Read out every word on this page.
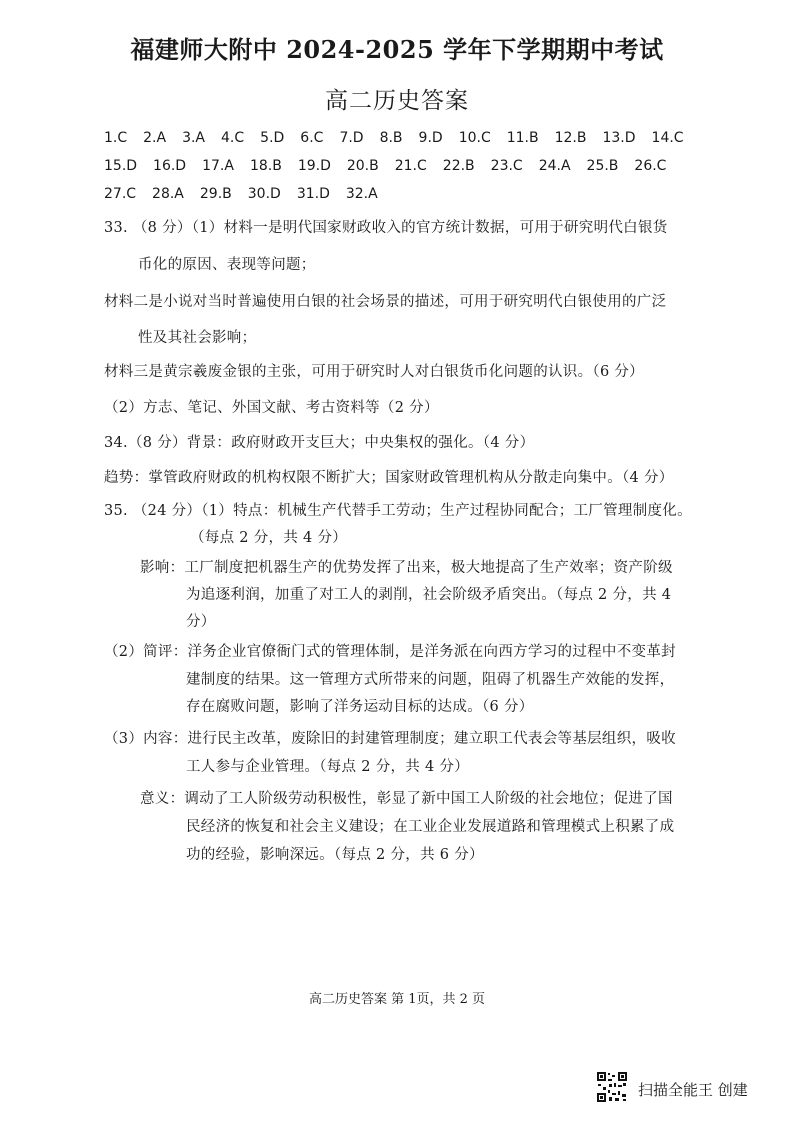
福建师大附中 2024-2025 学年下学期期中考试
高二历史答案
1.C 2.A 3.A 4.C 5.D 6.C 7.D 8.B 9.D 10.C 11.B 12.B 13.D 14.C
15.D 16.D 17.A 18.B 19.D 20.B 21.C 22.B 23.C 24.A 25.B 26.C
27.C 28.A 29.B 30.D 31.D 32.A
33. （8 分）（1）材料一是明代国家财政收入的官方统计数据，可用于研究明代白银货
币化的原因、表现等问题；
材料二是小说对当时普遍使用白银的社会场景的描述，可用于研究明代白银使用的广泛
性及其社会影响；
材料三是黄宗羲废金银的主张，可用于研究时人对白银货币化问题的认识。（6 分）
（2）方志、笔记、外国文献、考古资料等（2 分）
34.（8 分）背景：政府财政开支巨大；中央集权的强化。（4 分）
趋势：掌管政府财政的机构权限不断扩大；国家财政管理机构从分散走向集中。（4 分）
35. （24 分）（1）特点：机械生产代替手工劳动；生产过程协同配合；工厂管理制度化。
（每点 2 分，共 4 分）
影响：工厂制度把机器生产的优势发挥了出来，极大地提高了生产效率；资产阶级
为追逐利润，加重了对工人的剥削，社会阶级矛盾突出。（每点 2 分，共 4
分）
（2）简评：洋务企业官僚衙门式的管理体制，是洋务派在向西方学习的过程中不变革封
建制度的结果。这一管理方式所带来的问题，阻碍了机器生产效能的发挥，
存在腐败问题，影响了洋务运动目标的达成。（6 分）
（3）内容：进行民主改革，废除旧的封建管理制度；建立职工代表会等基层组织，吸收
工人参与企业管理。（每点 2 分，共 4 分）
意义：调动了工人阶级劳动积极性，彰显了新中国工人阶级的社会地位；促进了国
民经济的恢复和社会主义建设；在工业企业发展道路和管理模式上积累了成
功的经验，影响深远。（每点 2 分，共 6 分）
高二历史答案 第 1页，共 2 页
扫描全能王 创建
